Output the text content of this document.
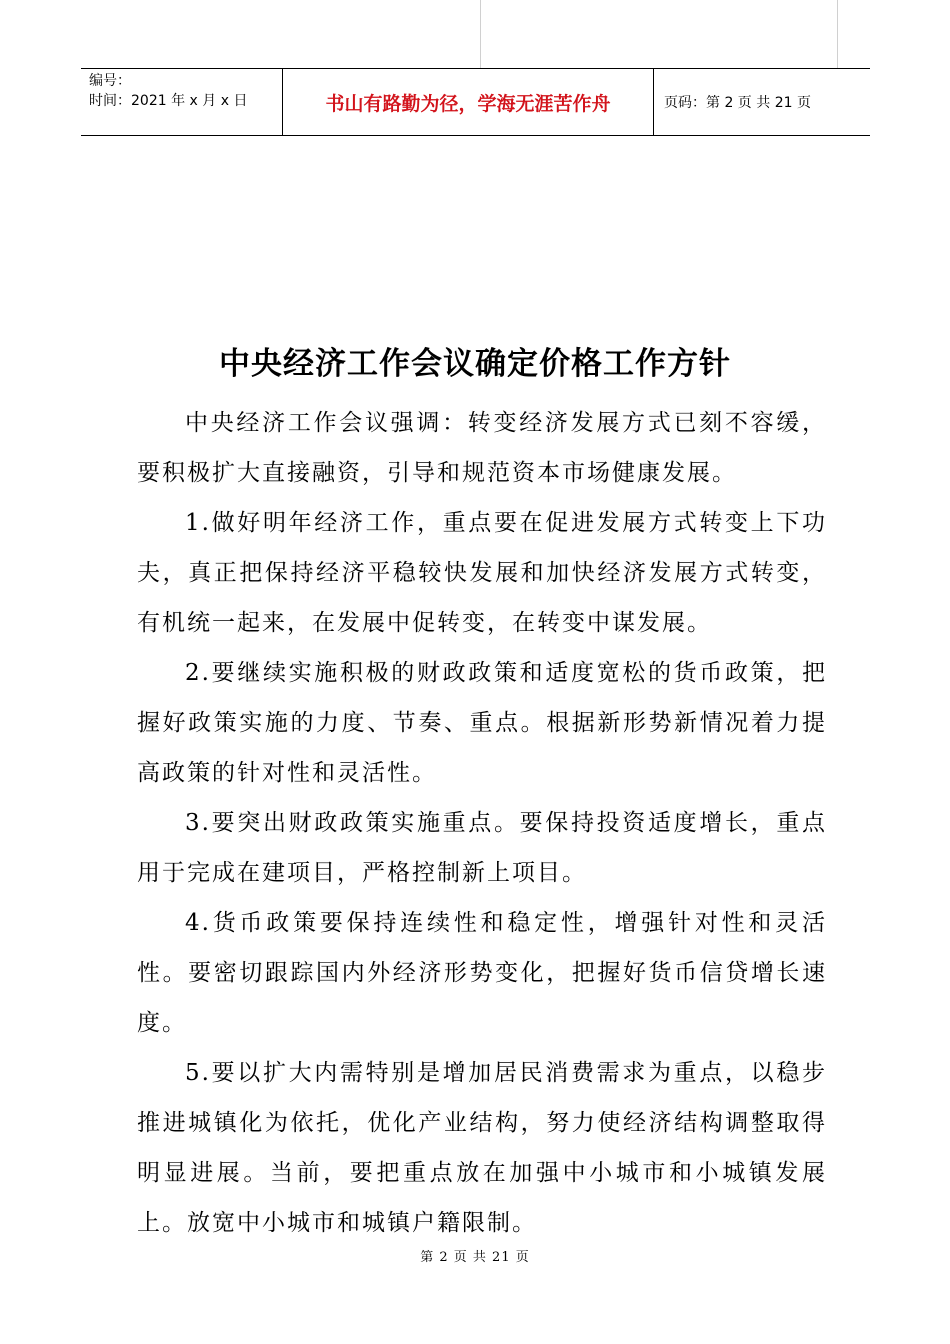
编号：
时间：2021 年 x 月 x 日	书山有路勤为径，学海无涯苦作舟	页码：第 2 页 共 21 页
中央经济工作会议确定价格工作方针

中央经济工作会议强调：转变经济发展方式已刻不容缓，要积极扩大直接融资，引导和规范资本市场健康发展。

1.做好明年经济工作，重点要在促进发展方式转变上下功夫，真正把保持经济平稳较快发展和加快经济发展方式转变，有机统一起来，在发展中促转变，在转变中谋发展。

2.要继续实施积极的财政政策和适度宽松的货币政策，把握好政策实施的力度、节奏、重点。根据新形势新情况着力提高政策的针对性和灵活性。

3.要突出财政政策实施重点。要保持投资适度增长，重点用于完成在建项目，严格控制新上项目。

4.货币政策要保持连续性和稳定性，增强针对性和灵活性。要密切跟踪国内外经济形势变化，把握好货币信贷增长速度。

5.要以扩大内需特别是增加居民消费需求为重点，以稳步推进城镇化为依托，优化产业结构，努力使经济结构调整取得明显进展。当前，要把重点放在加强中小城市和小城镇发展上。放宽中小城市和城镇户籍限制。

第 2 页 共 21 页
